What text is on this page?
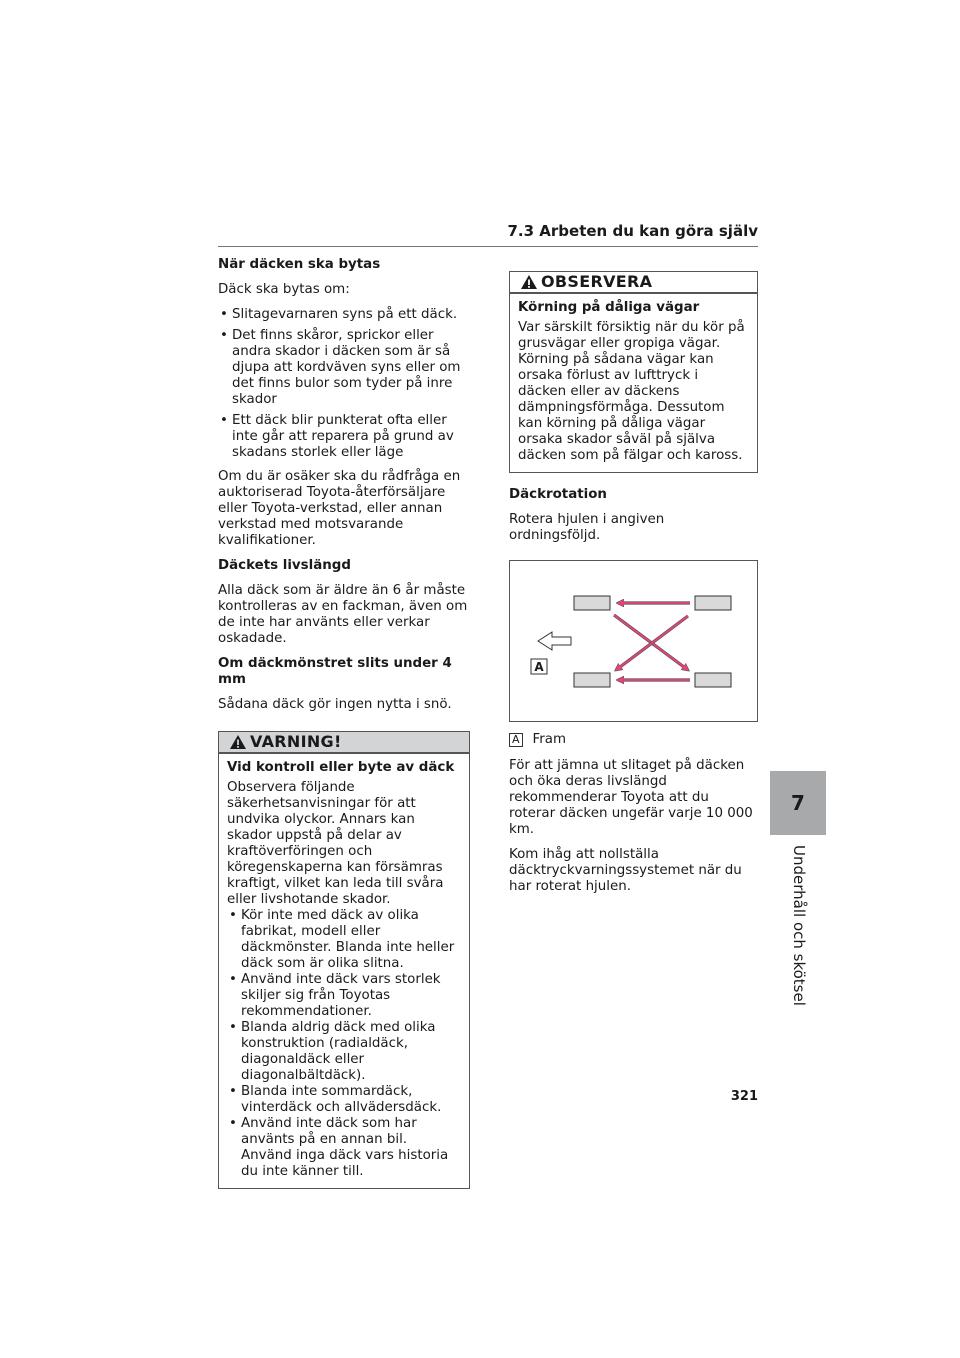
7.3 Arbeten du kan göra själv
När däcken ska bytas
Däck ska bytas om:
• Slitagevarnaren syns på ett däck.
• Det finns skåror, sprickor eller andra skador i däcken som är så djupa att kordväven syns eller om det finns bulor som tyder på inre skador
• Ett däck blir punkterat ofta eller inte går att reparera på grund av skadans storlek eller läge
Om du är osäker ska du rådfråga en auktoriserad Toyota-återförsäljare eller Toyota-verkstad, eller annan verkstad med motsvarande kvalifikationer.
Däckets livslängd
Alla däck som är äldre än 6 år måste kontrolleras av en fackman, även om de inte har använts eller verkar oskadade.
Om däckmönstret slits under 4 mm
Sådana däck gör ingen nytta i snö.
VARNING!
Vid kontroll eller byte av däck
Observera följande säkerhetsanvisningar för att undvika olyckor. Annars kan skador uppstå på delar av kraftöverföringen och köregenskaperna kan försämras kraftigt, vilket kan leda till svåra eller livshotande skador.
• Kör inte med däck av olika fabrikat, modell eller däckmönster. Blanda inte heller däck som är olika slitna.
• Använd inte däck vars storlek skiljer sig från Toyotas rekommendationer.
• Blanda aldrig däck med olika konstruktion (radialdäck, diagonaldäck eller diagonalbältdäck).
• Blanda inte sommardäck, vinterdäck och allvädersdäck.
• Använd inte däck som har använts på en annan bil. Använd inga däck vars historia du inte känner till.
OBSERVERA
Körning på dåliga vägar
Var särskilt försiktig när du kör på grusvägar eller gropiga vägar. Körning på sådana vägar kan orsaka förlust av lufttryck i däcken eller av däckens dämpningsförmåga. Dessutom kan körning på dåliga vägar orsaka skador såväl på själva däcken som på fälgar och kaross.
Däckrotation
Rotera hjulen i angiven ordningsföljd.
A
A Fram
För att jämna ut slitaget på däcken och öka deras livslängd rekommenderar Toyota att du roterar däcken ungefär varje 10 000 km.
Kom ihåg att nollställa däcktryckvarningssystemet när du har roterat hjulen.
7
Underhåll och skötsel
321
